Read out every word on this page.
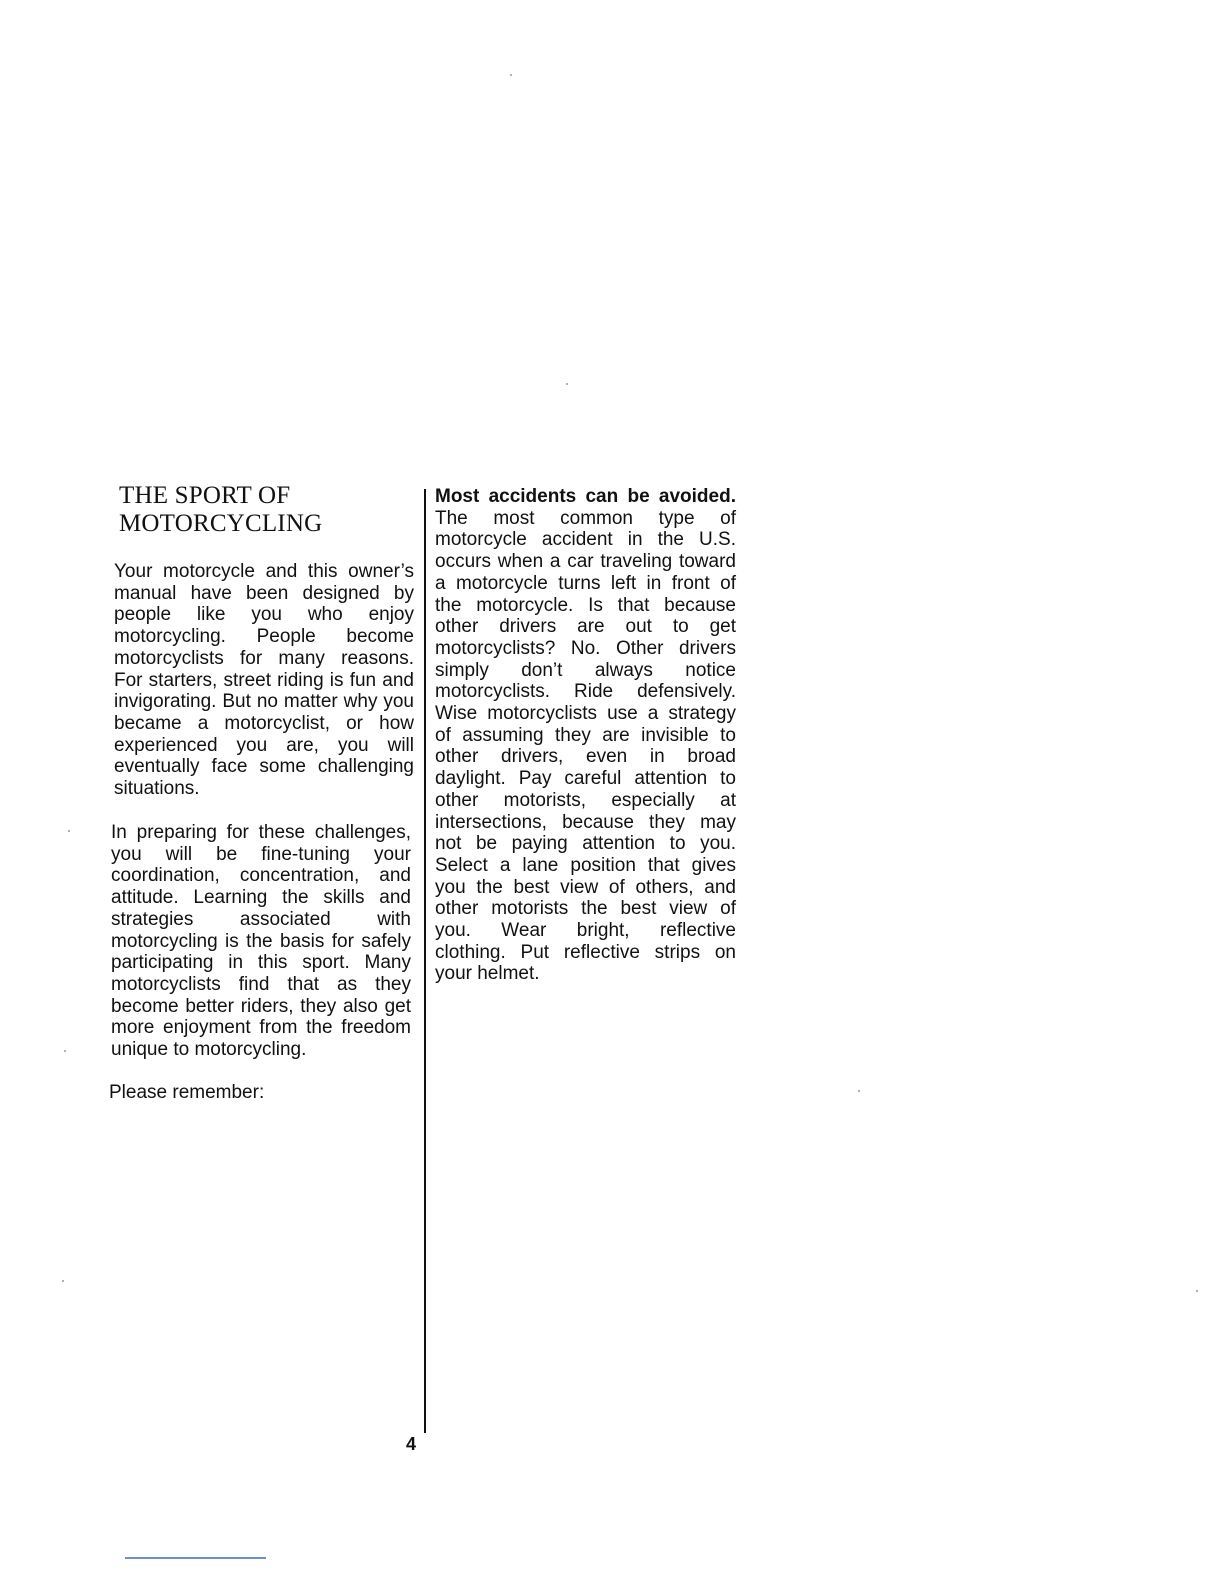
THE SPORT OF
MOTORCYCLING

Your motorcycle and this owner’s manual have been designed by people like you who enjoy motorcycling. People become motorcyclists for many reasons. For starters, street riding is fun and invigorating. But no matter why you became a motorcyclist, or how experienced you are, you will eventually face some challenging situations.

In preparing for these challenges, you will be fine-tuning your coordination, concentration, and attitude. Learning the skills and strategies associated with motorcycling is the basis for safely participating in this sport. Many motorcyclists find that as they become better riders, they also get more enjoyment from the freedom unique to motorcycling.

Please remember:

Most accidents can be avoided. The most common type of motorcycle accident in the U.S. occurs when a car traveling toward a motorcycle turns left in front of the motorcycle. Is that because other drivers are out to get motorcyclists? No. Other drivers simply don’t always notice motorcyclists. Ride defensively. Wise motorcyclists use a strategy of assuming they are invisible to other drivers, even in broad daylight. Pay careful attention to other motorists, especially at intersections, because they may not be paying attention to you. Select a lane position that gives you the best view of others, and other motorists the best view of you. Wear bright, reflective clothing. Put reflective strips on your helmet.

4
